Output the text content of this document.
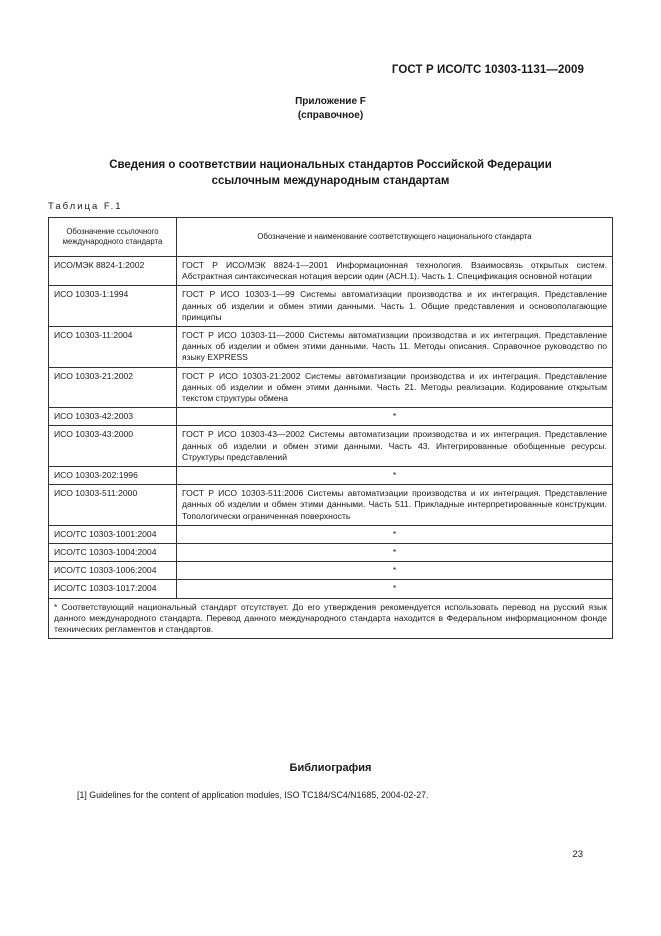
ГОСТ Р ИСО/ТС 10303-1131—2009
Приложение F
(справочное)
Сведения о соответствии национальных стандартов Российской Федерации
ссылочным международным стандартам
Таблица F.1
Обозначение ссылочного международного стандарта	Обозначение и наименование соответствующего национального стандарта
ИСО/МЭК 8824-1:2002	ГОСТ Р ИСО/МЭК 8824-1—2001 Информационная технология. Взаимосвязь открытых систем. Абстрактная синтаксическая нотация версии один (АСН.1). Часть 1. Спецификация основной нотации
ИСО 10303-1:1994	ГОСТ Р ИСО 10303-1—99 Системы автоматизации производства и их интеграция. Представление данных об изделии и обмен этими данными. Часть 1. Общие представления и основополагающие принципы
ИСО 10303-11:2004	ГОСТ Р ИСО 10303-11—2000 Системы автоматизации производства и их интеграция. Представление данных об изделии и обмен этими данными. Часть 11. Методы описания. Справочное руководство по языку EXPRESS
ИСО 10303-21:2002	ГОСТ Р ИСО 10303-21:2002 Системы автоматизации производства и их интеграция. Представление данных об изделии и обмен этими данными. Часть 21. Методы реализации. Кодирование открытым текстом структуры обмена
ИСО 10303-42:2003	*
ИСО 10303-43:2000	ГОСТ Р ИСО 10303-43—2002 Системы автоматизации производства и их интеграция. Представление данных об изделии и обмен этими данными. Часть 43. Интегрированные обобщенные ресурсы. Структуры представлений
ИСО 10303-202:1996	*
ИСО 10303-511:2000	ГОСТ Р ИСО 10303-511:2006 Системы автоматизации производства и их интеграция. Представление данных об изделии и обмен этими данными. Часть 511. Прикладные интерпретированные конструкции. Топологически ограниченная поверхность
ИСО/ТС 10303-1001:2004	*
ИСО/ТС 10303-1004:2004	*
ИСО/ТС 10303-1006:2004	*
ИСО/ТС 10303-1017:2004	*
* Соответствующий национальный стандарт отсутствует. До его утверждения рекомендуется использовать перевод на русский язык данного международного стандарта. Перевод данного международного стандарта находится в Федеральном информационном фонде технических регламентов и стандартов.	
Библиография
[1] Guidelines for the content of application modules, ISO TC184/SC4/N1685, 2004-02-27.
23
